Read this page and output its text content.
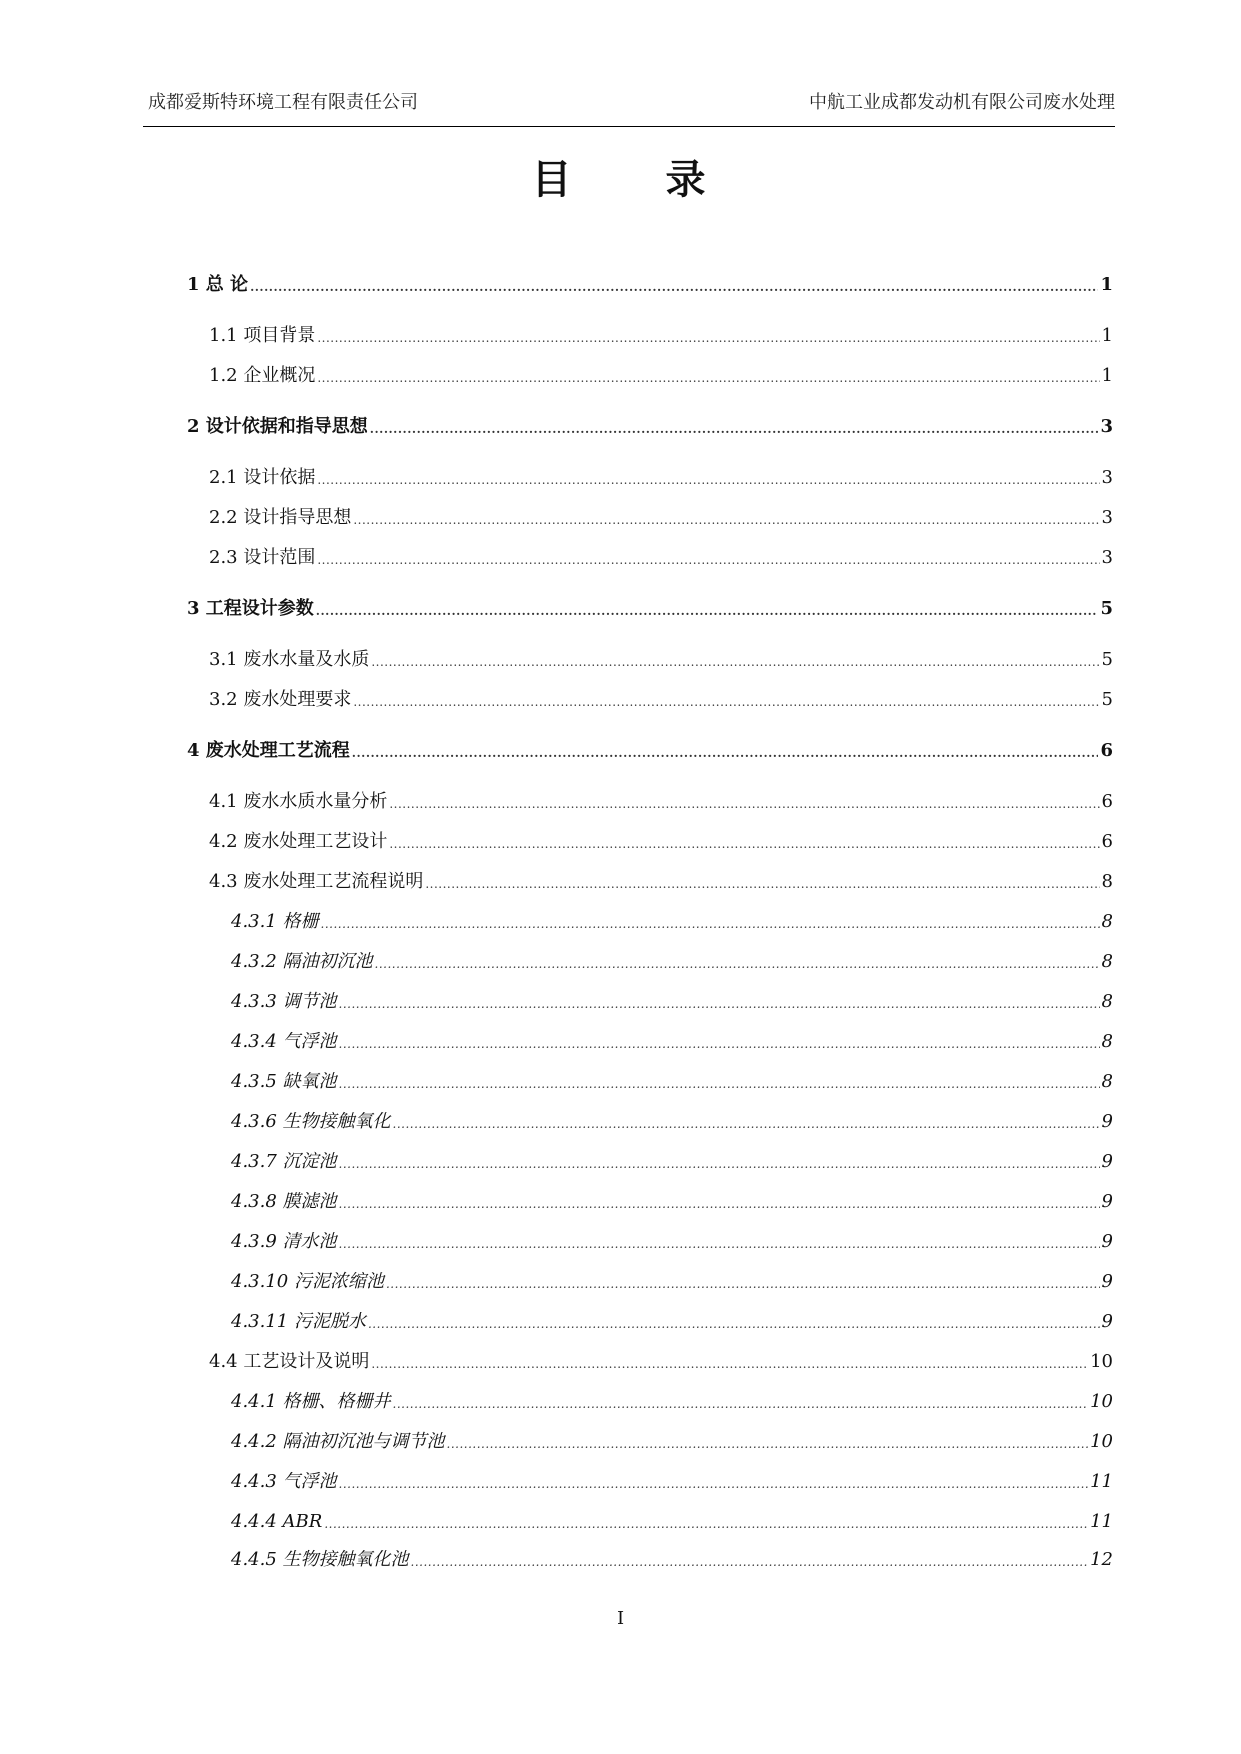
成都爱斯特环境工程有限责任公司	中航工业成都发动机有限公司废水处理
目 录
1 总 论 .....	1
1.1 项目背景 .....	1
1.2 企业概况 .....	1
2 设计依据和指导思想 .....	3
2.1 设计依据 .....	3
2.2 设计指导思想 .....	3
2.3 设计范围 .....	3
3 工程设计参数 .....	5
3.1 废水水量及水质 .....	5
3.2 废水处理要求 .....	5
4 废水处理工艺流程 .....	6
4.1 废水水质水量分析 .....	6
4.2 废水处理工艺设计 .....	6
4.3 废水处理工艺流程说明 .....	8
4.3.1 格栅 .....	8
4.3.2 隔油初沉池 .....	8
4.3.3 调节池 .....	8
4.3.4 气浮池 .....	8
4.3.5 缺氧池 .....	8
4.3.6 生物接触氧化 .....	9
4.3.7 沉淀池 .....	9
4.3.8 膜滤池 .....	9
4.3.9 清水池 .....	9
4.3.10 污泥浓缩池 .....	9
4.3.11 污泥脱水 .....	9
4.4 工艺设计及说明 .....	10
4.4.1 格栅、格栅井 .....	10
4.4.2 隔油初沉池与调节池 .....	10
4.4.3 气浮池 .....	11
4.4.4 ABR .....	11
4.4.5 生物接触氧化池 .....	12
I
